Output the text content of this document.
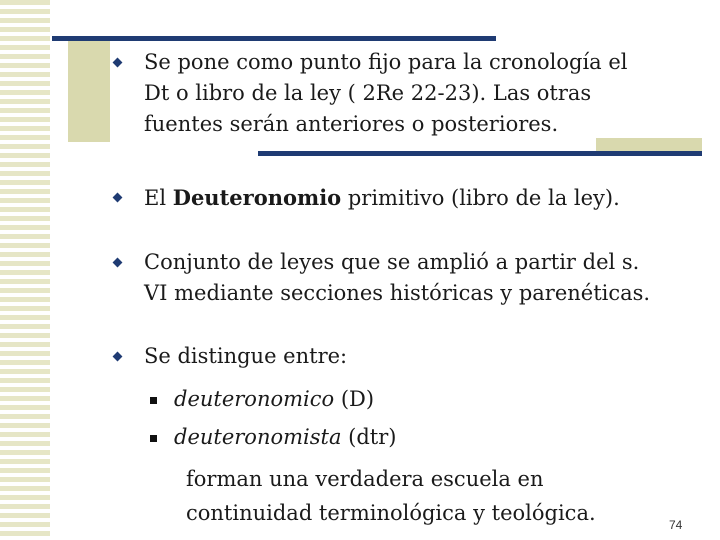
Se pone como punto fijo para la cronología el
Dt o libro de la ley ( 2Re 22-23). Las otras
fuentes serán anteriores o posteriores.
El Deuteronomio primitivo (libro de la ley).
Conjunto de leyes que se amplió a partir del s.
VI mediante secciones históricas y parenéticas.
Se distingue entre:
deuteronomico (D)
deuteronomista (dtr)
forman una verdadera escuela en
continuidad terminológica y teológica.	74
